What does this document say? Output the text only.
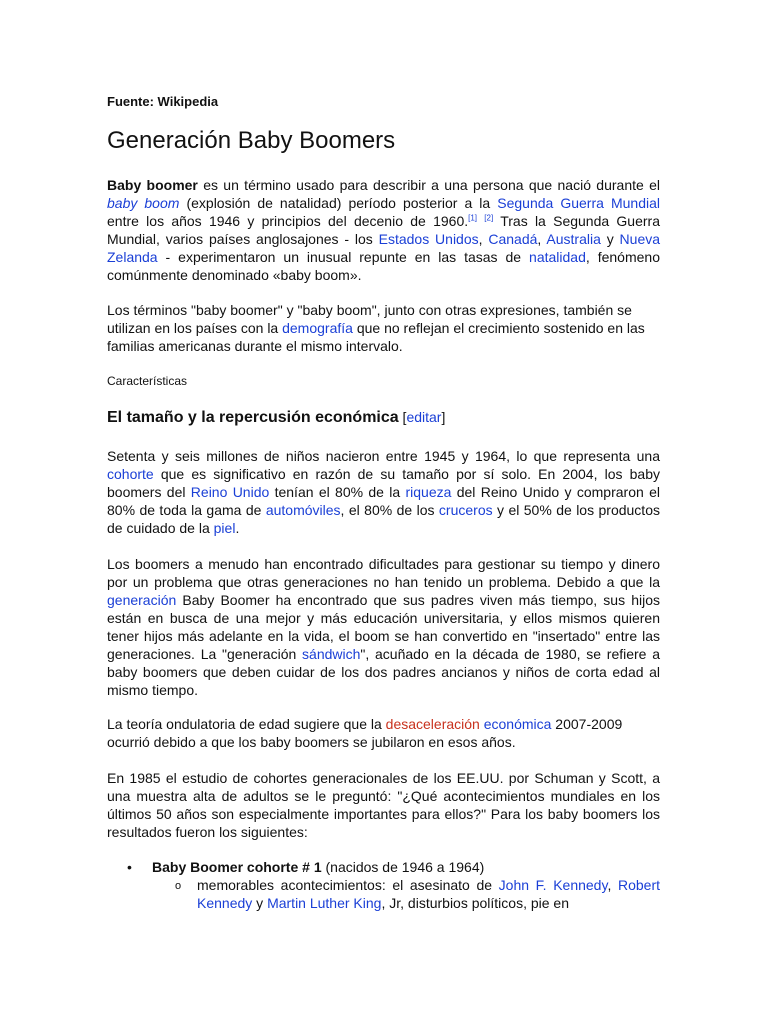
Fuente: Wikipedia
Generación Baby Boomers
Baby boomer es un término usado para describir a una persona que nació durante el baby boom (explosión de natalidad) período posterior a la Segunda Guerra Mundial entre los años 1946 y principios del decenio de 1960.[1] [2] Tras la Segunda Guerra Mundial, varios países anglosajones - los Estados Unidos, Canadá, Australia y Nueva Zelanda - experimentaron un inusual repunte en las tasas de natalidad, fenómeno comúnmente denominado «baby boom».
Los términos "baby boomer" y "baby boom", junto con otras expresiones, también se utilizan en los países con la demografía que no reflejan el crecimiento sostenido en las familias americanas durante el mismo intervalo.
Características
El tamaño y la repercusión económica [editar]
Setenta y seis millones de niños nacieron entre 1945 y 1964, lo que representa una cohorte que es significativo en razón de su tamaño por sí solo. En 2004, los baby boomers del Reino Unido tenían el 80% de la riqueza del Reino Unido y compraron el 80% de toda la gama de automóviles, el 80% de los cruceros y el 50% de los productos de cuidado de la piel.
Los boomers a menudo han encontrado dificultades para gestionar su tiempo y dinero por un problema que otras generaciones no han tenido un problema. Debido a que la generación Baby Boomer ha encontrado que sus padres viven más tiempo, sus hijos están en busca de una mejor y más educación universitaria, y ellos mismos quieren tener hijos más adelante en la vida, el boom se han convertido en "insertado" entre las generaciones. La "generación sándwich", acuñado en la década de 1980, se refiere a baby boomers que deben cuidar de los dos padres ancianos y niños de corta edad al mismo tiempo.
La teoría ondulatoria de edad sugiere que la desaceleración económica 2007-2009 ocurrió debido a que los baby boomers se jubilaron en esos años.
En 1985 el estudio de cohortes generacionales de los EE.UU. por Schuman y Scott, a una muestra alta de adultos se le preguntó: "¿Qué acontecimientos mundiales en los últimos 50 años son especialmente importantes para ellos?" Para los baby boomers los resultados fueron los siguientes:
• Baby Boomer cohorte # 1 (nacidos de 1946 a 1964)
o memorables acontecimientos: el asesinato de John F. Kennedy, Robert Kennedy y Martin Luther King, Jr, disturbios políticos, pie en
